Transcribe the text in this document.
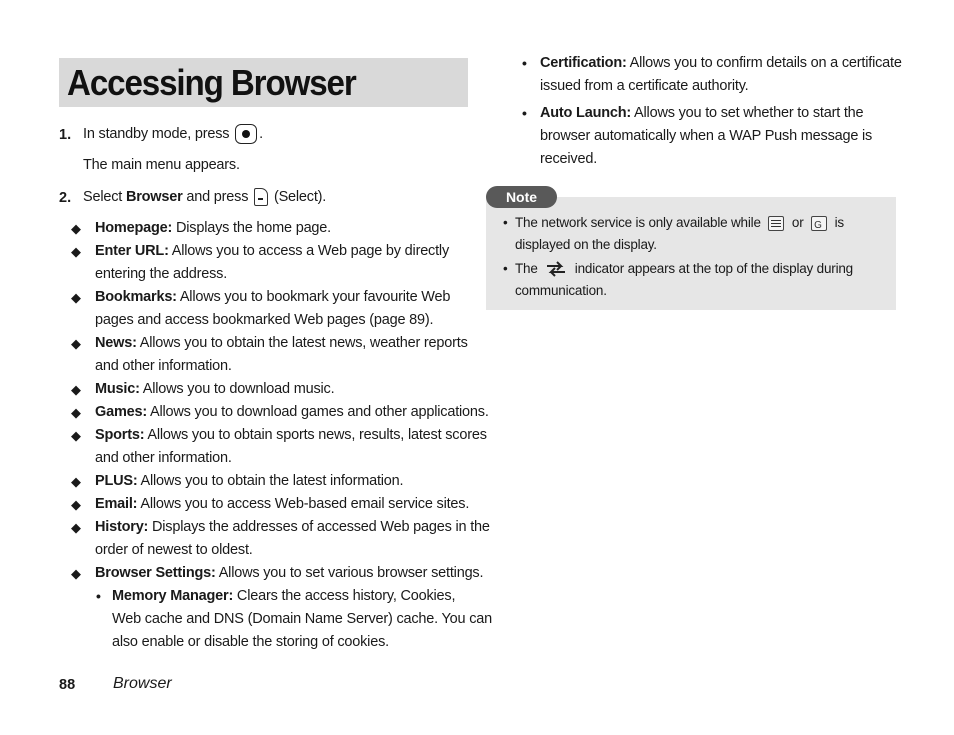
Accessing Browser
1. In standby mode, press .
The main menu appears.
2. Select Browser and press  (Select).
◆ Homepage: Displays the home page.
◆ Enter URL: Allows you to access a Web page by directly
entering the address.
◆ Bookmarks: Allows you to bookmark your favourite Web
pages and access bookmarked Web pages (page 89).
◆ News: Allows you to obtain the latest news, weather reports
and other information.
◆ Music: Allows you to download music.
◆ Games: Allows you to download games and other applications.
◆ Sports: Allows you to obtain sports news, results, latest scores
and other information.
◆ PLUS: Allows you to obtain the latest information.
◆ Email: Allows you to access Web-based email service sites.
◆ History: Displays the addresses of accessed Web pages in the
order of newest to oldest.
◆ Browser Settings: Allows you to set various browser settings.
• Memory Manager: Clears the access history, Cookies,
Web cache and DNS (Domain Name Server) cache. You can
also enable or disable the storing of cookies.
• Certification: Allows you to confirm details on a certificate
issued from a certificate authority.
• Auto Launch: Allows you to set whether to start the
browser automatically when a WAP Push message is
received.
Note
• The network service is only available while or G is
displayed on the display.
• The	indicator appears at the top of the display during
communication.
88 Browser
